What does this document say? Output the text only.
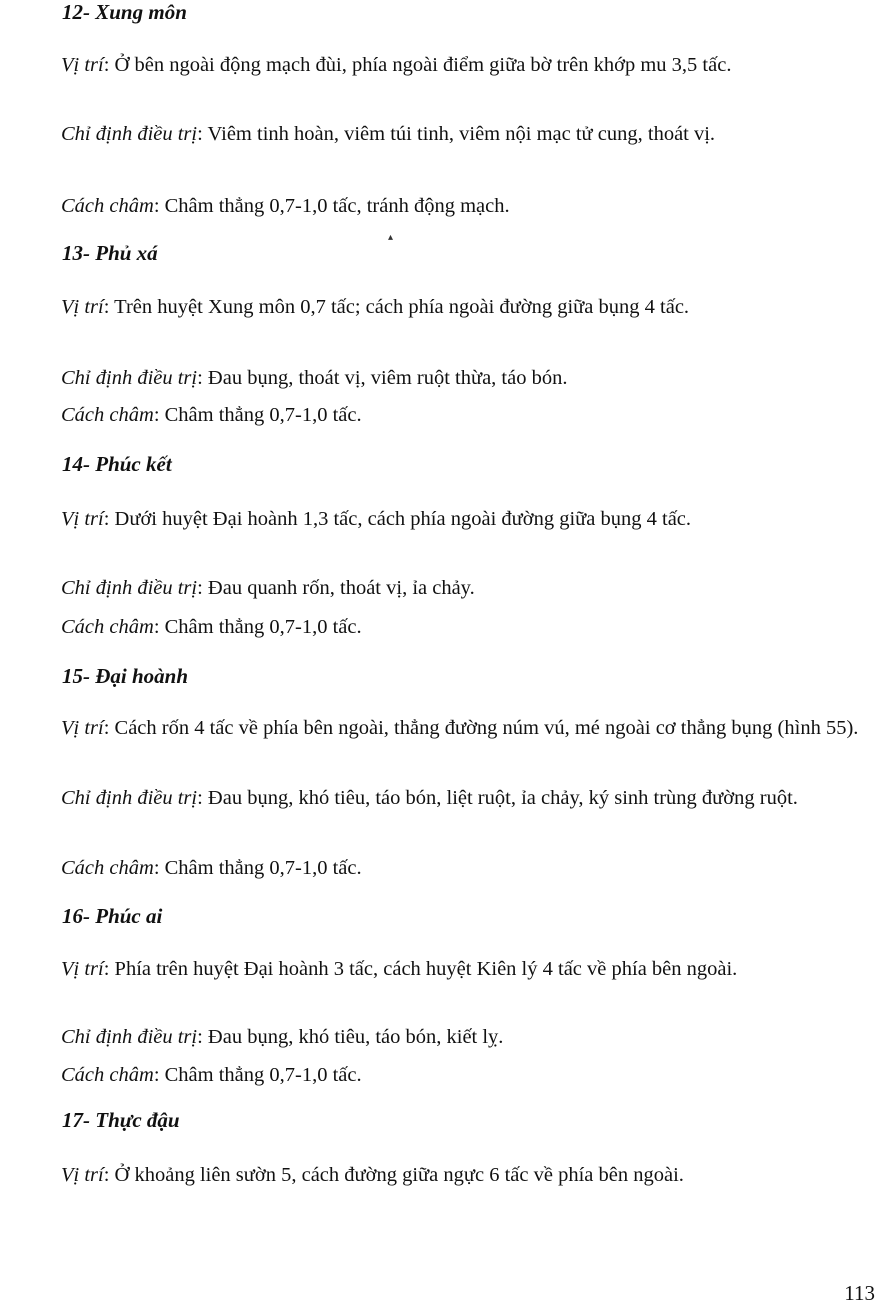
12- Xung môn

Vị trí: Ở bên ngoài động mạch đùi, phía ngoài điểm giữa bờ trên khớp mu 3,5 tấc.

Chỉ định điều trị: Viêm tinh hoàn, viêm túi tinh, viêm nội mạc tử cung, thoát vị.

Cách châm: Châm thẳng 0,7-1,0 tấc, tránh động mạch.

▴
13- Phủ xá

Vị trí: Trên huyệt Xung môn 0,7 tấc; cách phía ngoài đường giữa bụng 4 tấc.

Chỉ định điều trị: Đau bụng, thoát vị, viêm ruột thừa, táo bón.

Cách châm: Châm thẳng 0,7-1,0 tấc.

14- Phúc kết

Vị trí: Dưới huyệt Đại hoành 1,3 tấc, cách phía ngoài đường giữa bụng 4 tấc.

Chỉ định điều trị: Đau quanh rốn, thoát vị, ỉa chảy.

Cách châm: Châm thẳng 0,7-1,0 tấc.

15- Đại hoành

Vị trí: Cách rốn 4 tấc về phía bên ngoài, thẳng đường núm vú, mé ngoài cơ thẳng bụng (hình 55).

Chỉ định điều trị: Đau bụng, khó tiêu, táo bón, liệt ruột, ỉa chảy, ký sinh trùng đường ruột.

Cách châm: Châm thẳng 0,7-1,0 tấc.

16- Phúc ai

Vị trí: Phía trên huyệt Đại hoành 3 tấc, cách huyệt Kiên lý 4 tấc về phía bên ngoài.

Chỉ định điều trị: Đau bụng, khó tiêu, táo bón, kiết lỵ.

Cách châm: Châm thẳng 0,7-1,0 tấc.

17- Thực đậu

Vị trí: Ở khoảng liên sườn 5, cách đường giữa ngực 6 tấc về phía bên ngoài.

113
